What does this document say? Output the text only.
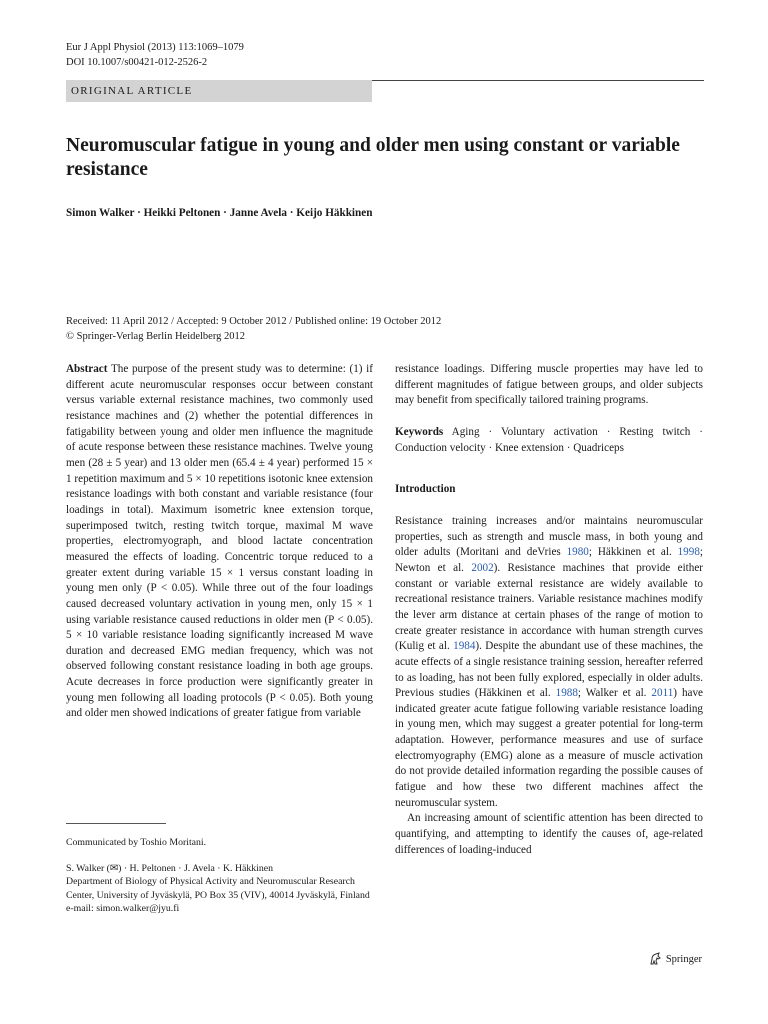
Eur J Appl Physiol (2013) 113:1069–1079
DOI 10.1007/s00421-012-2526-2
ORIGINAL ARTICLE
Neuromuscular fatigue in young and older men using constant or variable resistance
Simon Walker · Heikki Peltonen · Janne Avela · Keijo Häkkinen
Received: 11 April 2012 / Accepted: 9 October 2012 / Published online: 19 October 2012
© Springer-Verlag Berlin Heidelberg 2012

Abstract The purpose of the present study was to determine: (1) if different acute neuromuscular responses occur between constant versus variable external resistance machines, two commonly used resistance machines and (2) whether the potential differences in fatigability between young and older men influence the magnitude of acute response between these resistance machines. Twelve young men (28 ± 5 year) and 13 older men (65.4 ± 4 year) performed 15 × 1 repetition maximum and 5 × 10 repetitions isotonic knee extension resistance loadings with both constant and variable resistance (four loadings in total). Maximum isometric knee extension torque, superimposed twitch, resting twitch torque, maximal M wave properties, electromyograph, and blood lactate concentration measured the effects of loading. Concentric torque reduced to a greater extent during variable 15 × 1 versus constant loading in young men only (P < 0.05). While three out of the four loadings caused decreased voluntary activation in young men, only 15 × 1 using variable resistance caused reductions in older men (P < 0.05). 5 × 10 variable resistance loading significantly increased M wave duration and decreased EMG median frequency, which was not observed following constant resistance loading in both age groups. Acute decreases in force production were significantly greater in young men following all loading protocols (P < 0.05). Both young and older men showed indications of greater fatigue from variable

resistance loadings. Differing muscle properties may have led to different magnitudes of fatigue between groups, and older subjects may benefit from specifically tailored training programs.

Keywords Aging · Voluntary activation · Resting twitch · Conduction velocity · Knee extension · Quadriceps

Introduction

Resistance training increases and/or maintains neuromuscular properties, such as strength and muscle mass, in both young and older adults (Moritani and deVries 1980; Häkkinen et al. 1998; Newton et al. 2002). Resistance machines that provide either constant or variable external resistance are widely available to recreational resistance trainers. Variable resistance machines modify the lever arm distance at certain phases of the range of motion to create greater resistance in accordance with human strength curves (Kulig et al. 1984). Despite the abundant use of these machines, the acute effects of a single resistance training session, hereafter referred to as loading, has not been fully explored, especially in older adults. Previous studies (Häkkinen et al. 1988; Walker et al. 2011) have indicated greater acute fatigue following variable resistance loading in young men, which may suggest a greater potential for long-term adaptation. However, performance measures and use of surface electromyography (EMG) alone as a measure of muscle activation do not provide detailed information regarding the possible causes of fatigue and how these two different machines affect the neuromuscular system.

An increasing amount of scientific attention has been directed to quantifying, and attempting to identify the causes of, age-related differences of loading-induced

Communicated by Toshio Moritani.
S. Walker (✉) · H. Peltonen · J. Avela · K. Häkkinen
Department of Biology of Physical Activity and Neuromuscular Research Center, University of Jyväskylä, PO Box 35 (VIV), 40014 Jyväskylä, Finland
e-mail: simon.walker@jyu.fi
Springer
